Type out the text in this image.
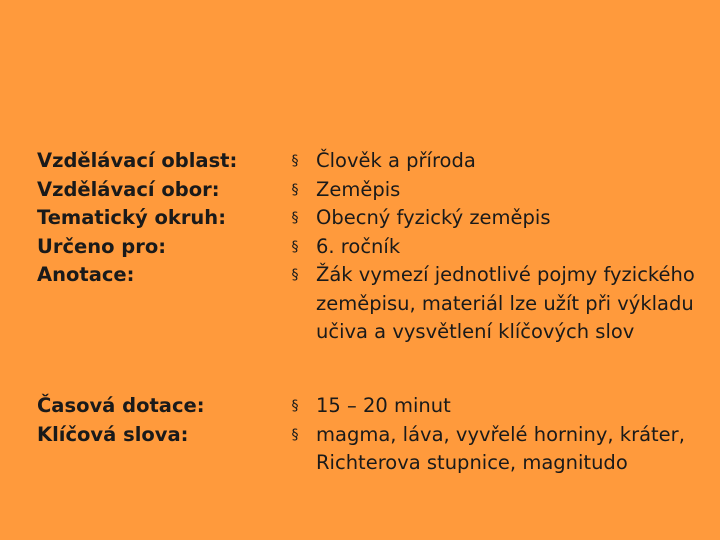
Vzdělávací oblast:
Vzdělávací obor:
Tematický okruh:
Určeno pro:
Anotace:
§ Člověk a příroda
§ Zeměpis
§ Obecný fyzický zeměpis
§ 6. ročník
§ Žák vymezí jednotlivé pojmy fyzického zeměpisu, materiál lze užít při výkladu učiva a vysvětlení klíčových slov
Časová dotace:
Klíčová slova:
§ 15 – 20 minut
§ magma, láva, vyvřelé horniny, kráter, Richterova stupnice, magnitudo
